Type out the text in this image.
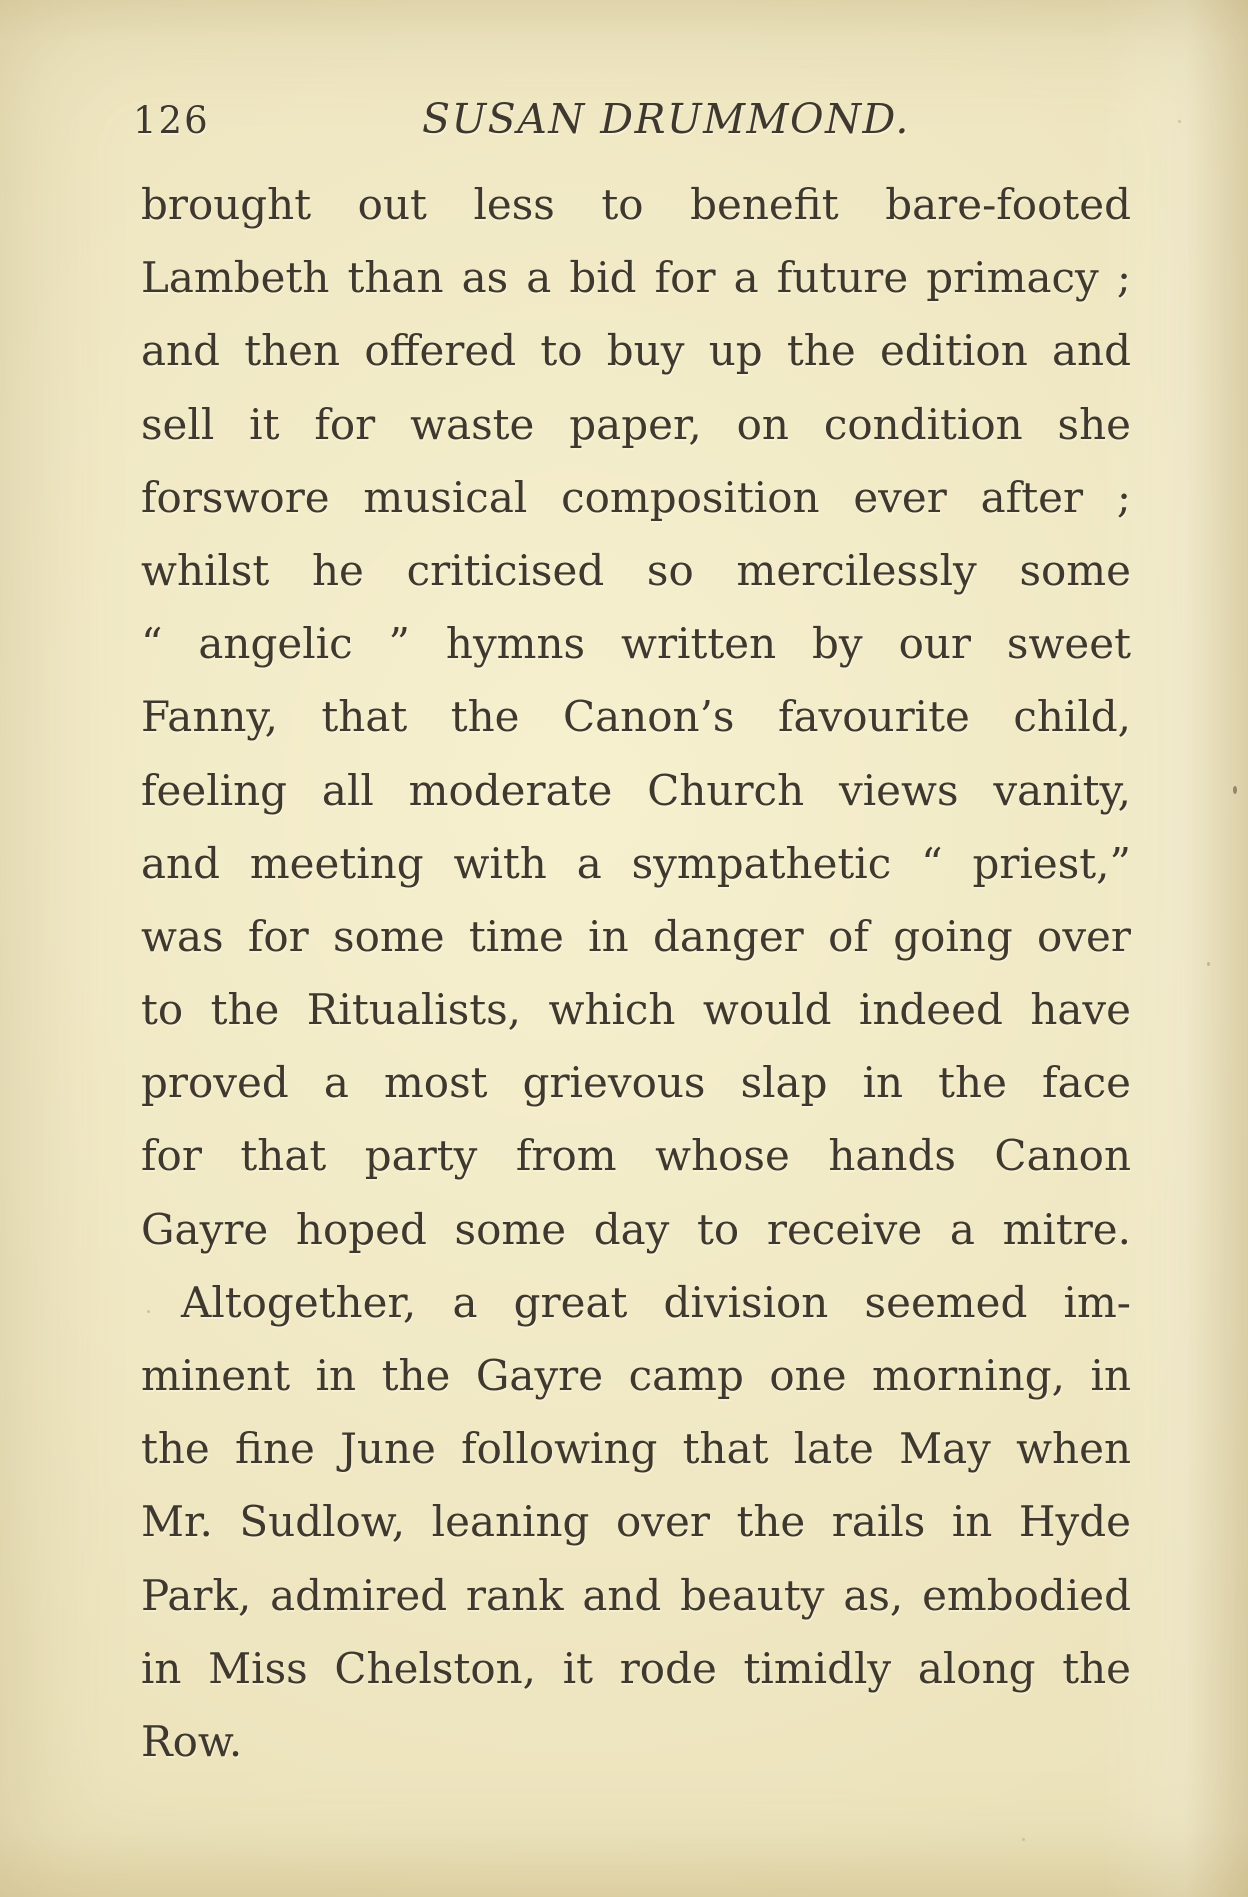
126	SUSAN DRUMMOND.
brought out less to benefit bare-footed
Lambeth than as a bid for a future primacy ;
and then offered to buy up the edition and
sell it for waste paper, on condition she
forswore musical composition ever after ;
whilst he criticised so mercilessly some
“ angelic ” hymns written by our sweet
Fanny, that the Canon’s favourite child,
feeling all moderate Church views vanity,
and meeting with a sympathetic “ priest,”
was for some time in danger of going over
to the Ritualists, which would indeed have
proved a most grievous slap in the face
for that party from whose hands Canon
Gayre hoped some day to receive a mitre.
Altogether, a great division seemed im-
minent in the Gayre camp one morning, in
the fine June following that late May when
Mr. Sudlow, leaning over the rails in Hyde
Park, admired rank and beauty as, embodied
in Miss Chelston, it rode timidly along the
Row.
